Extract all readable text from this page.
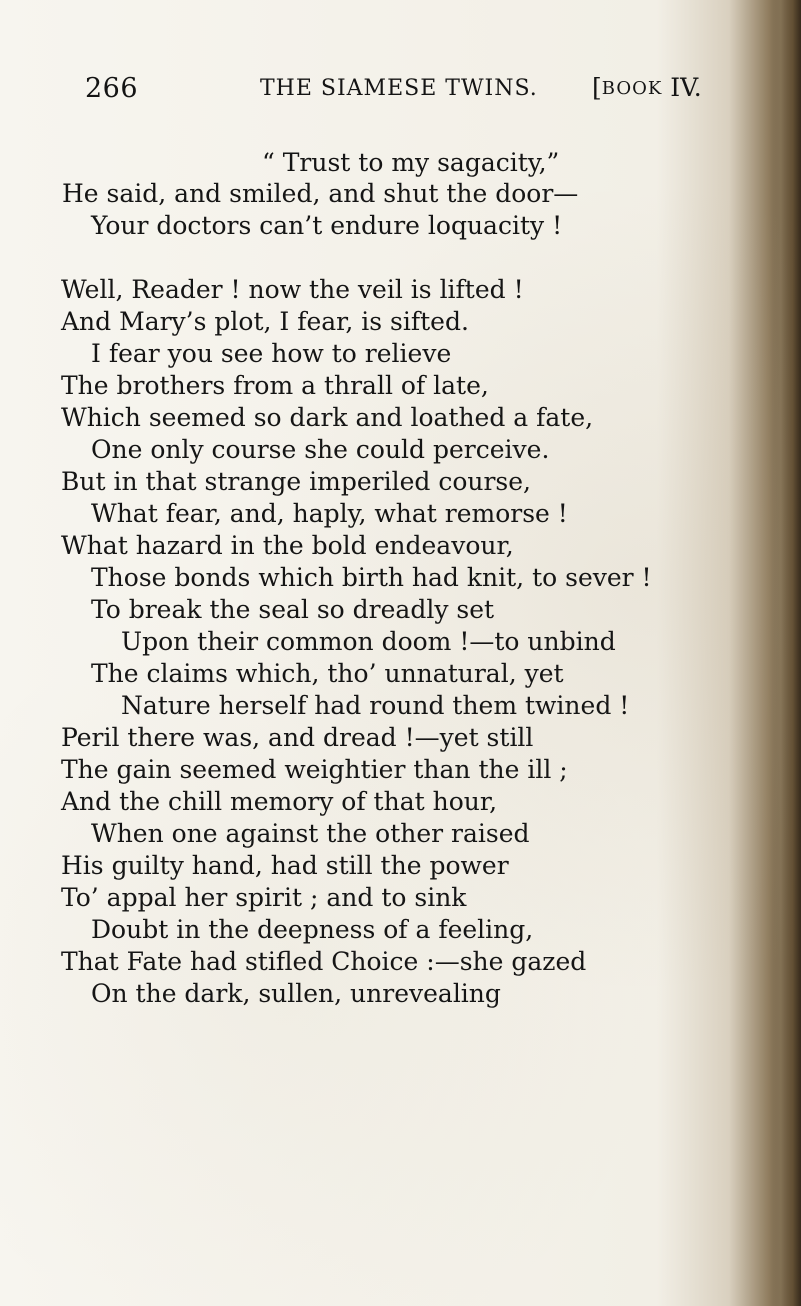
266	THE SIAMESE TWINS. [BOOK IV.
“ Trust to my sagacity,”
He said, and smiled, and shut the door—
Your doctors can’t endure loquacity !
Well, Reader ! now the veil is lifted !
And Mary’s plot, I fear, is sifted.
I fear you see how to relieve
The brothers from a thrall of late,
Which seemed so dark and loathed a fate,
One only course she could perceive.
But in that strange imperiled course,
What fear, and, haply, what remorse !
What hazard in the bold endeavour,
Those bonds which birth had knit, to sever !
To break the seal so dreadly set
Upon their common doom !—to unbind
The claims which, tho’ unnatural, yet
Nature herself had round them twined !
Peril there was, and dread !—yet still
The gain seemed weightier than the ill ;
And the chill memory of that hour,
When one against the other raised
His guilty hand, had still the power
To’ appal her spirit ; and to sink
Doubt in the deepness of a feeling,
That Fate had stifled Choice :—she gazed
On the dark, sullen, unrevealing
